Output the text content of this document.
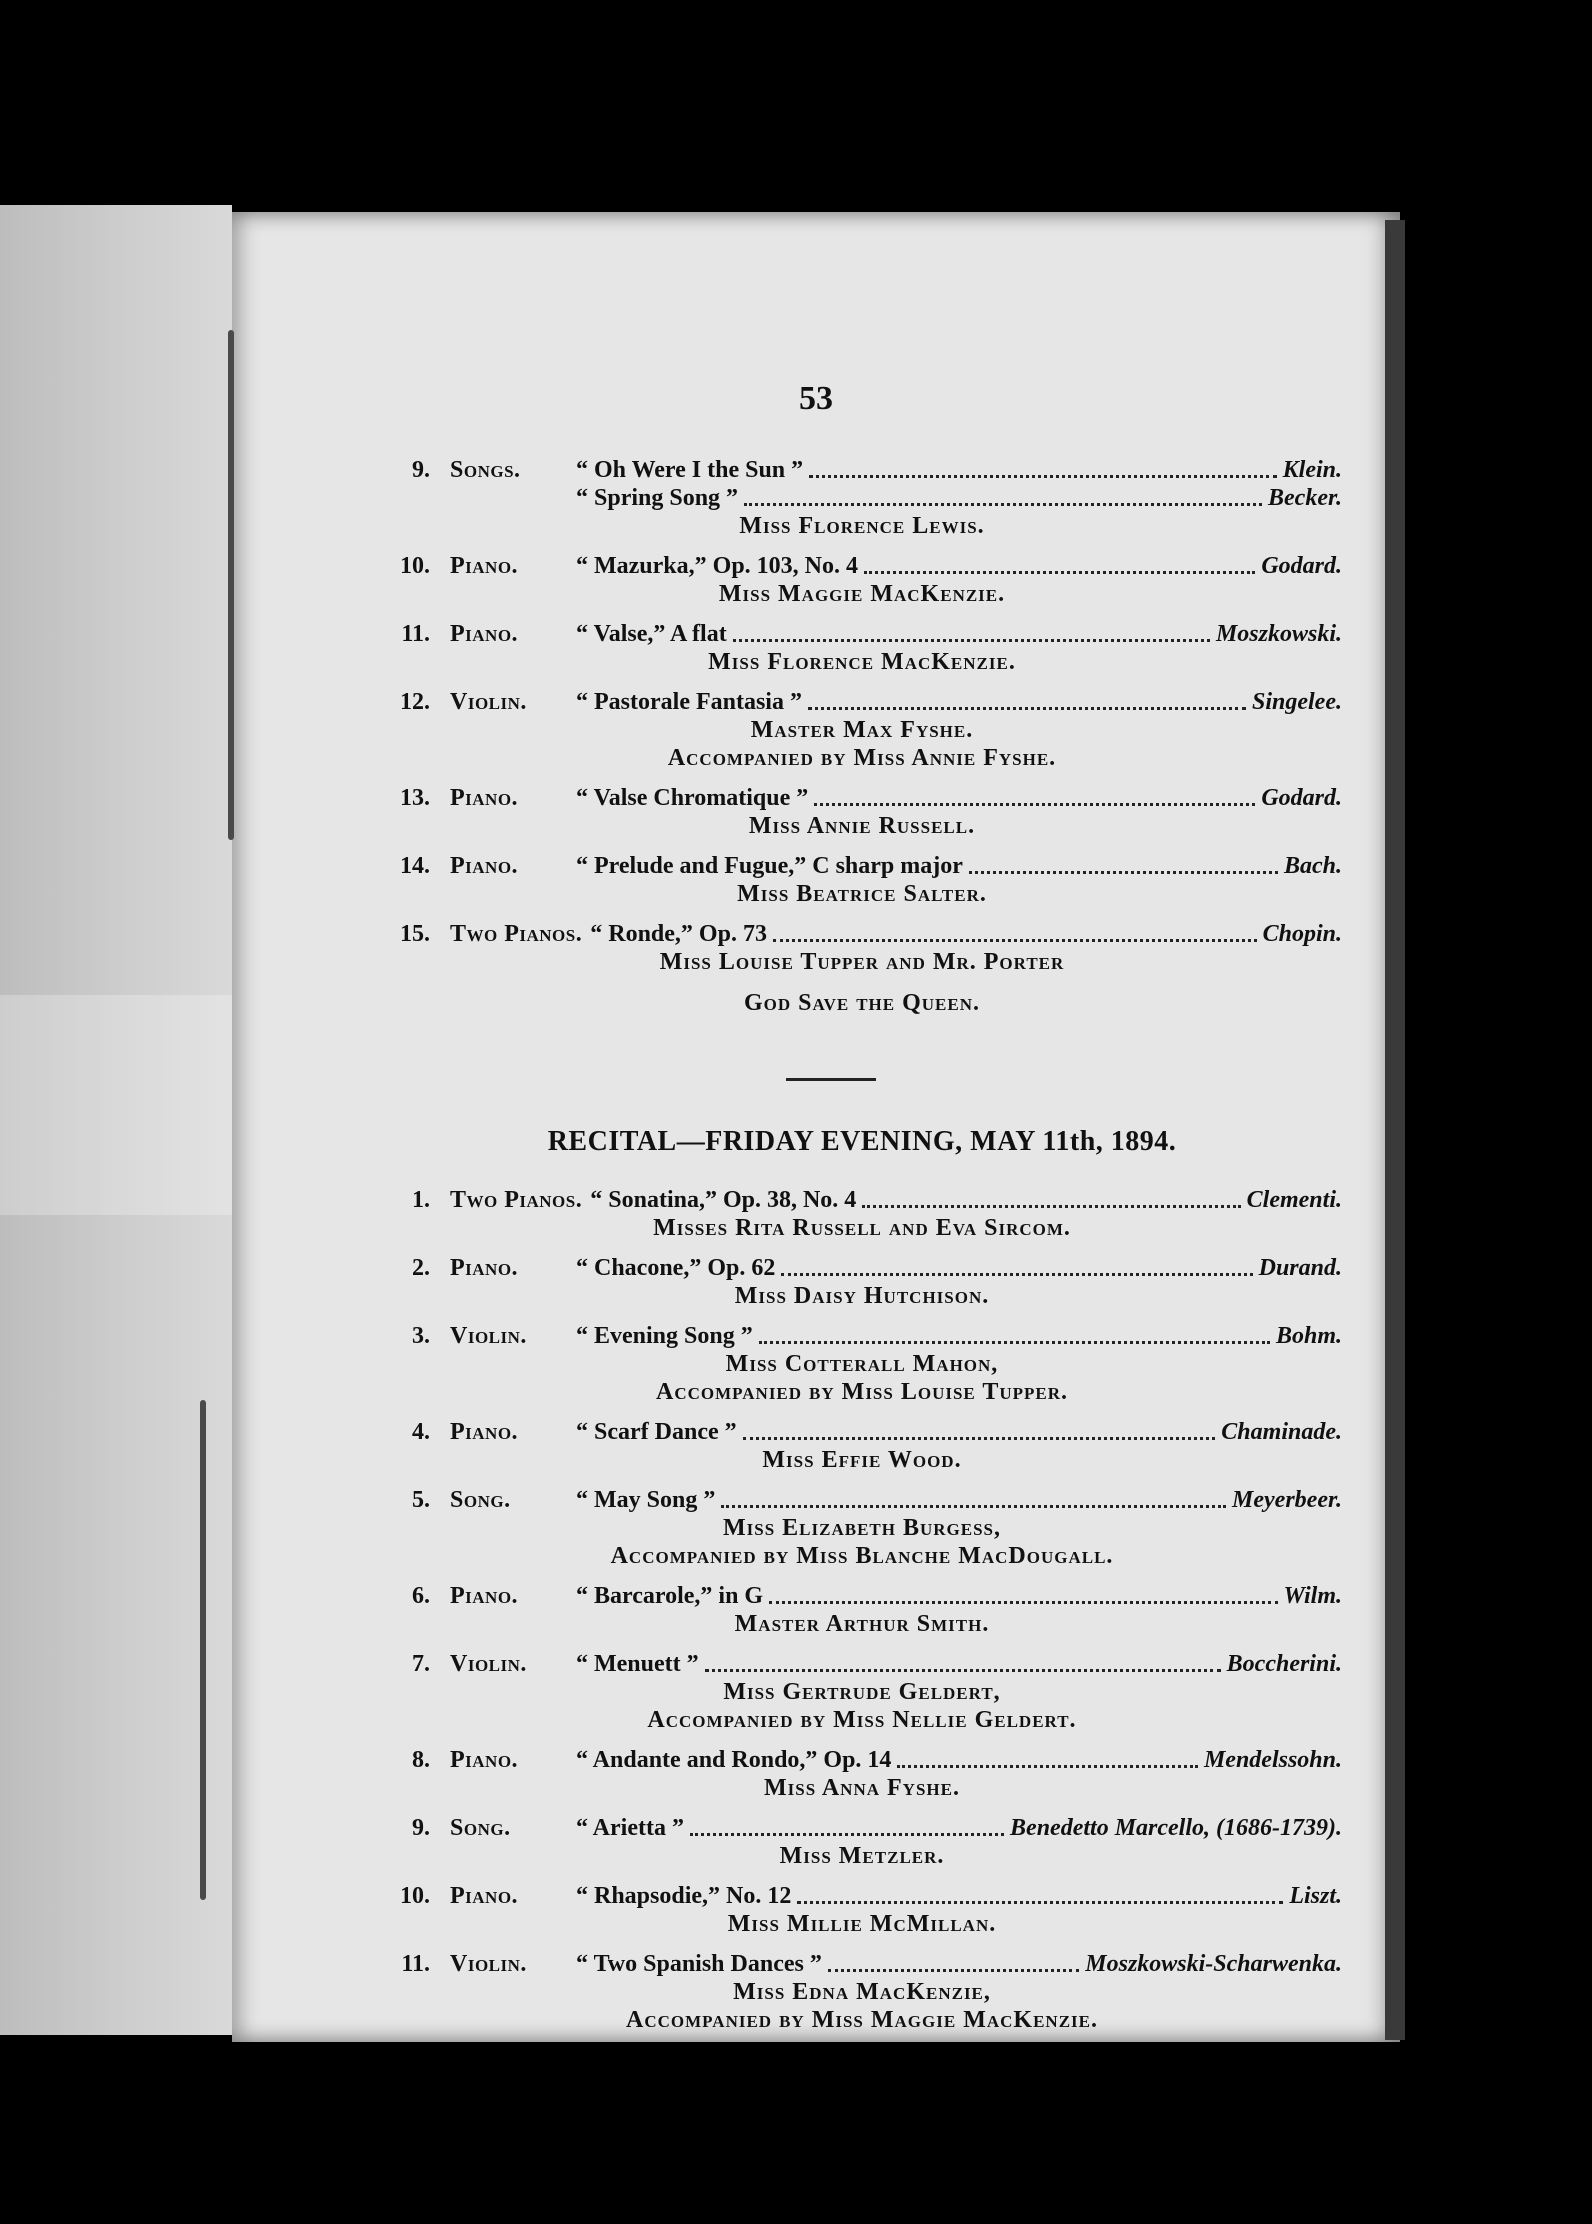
53
9. Songs.	“ Oh Were I the Sun ”	Klein.
“ Spring Song ”	Becker.
Miss Florence Lewis.
10. Piano.	“ Mazurka,” Op. 103, No. 4	Godard.
Miss Maggie MacKenzie.
11. Piano.	“ Valse,” A flat	Moszkowski.
Miss Florence MacKenzie.
12. Violin.	“ Pastorale Fantasia ”	Singelee.
Master Max Fyshe.
Accompanied by Miss Annie Fyshe.
13. Piano.	“ Valse Chromatique ”	Godard.
Miss Annie Russell.
14. Piano.	“ Prelude and Fugue,” C sharp major	Bach.
Miss Beatrice Salter.
15. Two Pianos. “ Ronde,” Op. 73	Chopin.
Miss Louise Tupper and Mr. Porter
God Save the Queen.
RECITAL—FRIDAY EVENING, MAY 11th, 1894.
1. Two Pianos. “ Sonatina,” Op. 38, No. 4	Clementi.
Misses Rita Russell and Eva Sircom.
2. Piano.	“ Chacone,” Op. 62	Durand.
Miss Daisy Hutchison.
3. Violin.	“ Evening Song ”	Bohm.
Miss Cotterall Mahon,
Accompanied by Miss Louise Tupper.
4. Piano.	“ Scarf Dance ”	Chaminade.
Miss Effie Wood.
5. Song.	“ May Song ”	Meyerbeer.
Miss Elizabeth Burgess,
Accompanied by Miss Blanche MacDougall.
6. Piano.	“ Barcarole,” in G	Wilm.
Master Arthur Smith.
7. Violin.	“ Menuett ”	Boccherini.
Miss Gertrude Geldert,
Accompanied by Miss Nellie Geldert.
8. Piano.	“ Andante and Rondo,” Op. 14	Mendelssohn.
Miss Anna Fyshe.
9. Song.	“ Arietta ”	Benedetto Marcello, (1686-1739).
Miss Metzler.
10. Piano.	“ Rhapsodie,” No. 12	Liszt.
Miss Millie McMillan.
11. Violin.	“ Two Spanish Dances ”	Moszkowski-Scharwenka.
Miss Edna MacKenzie,
Accompanied by Miss Maggie MacKenzie.
